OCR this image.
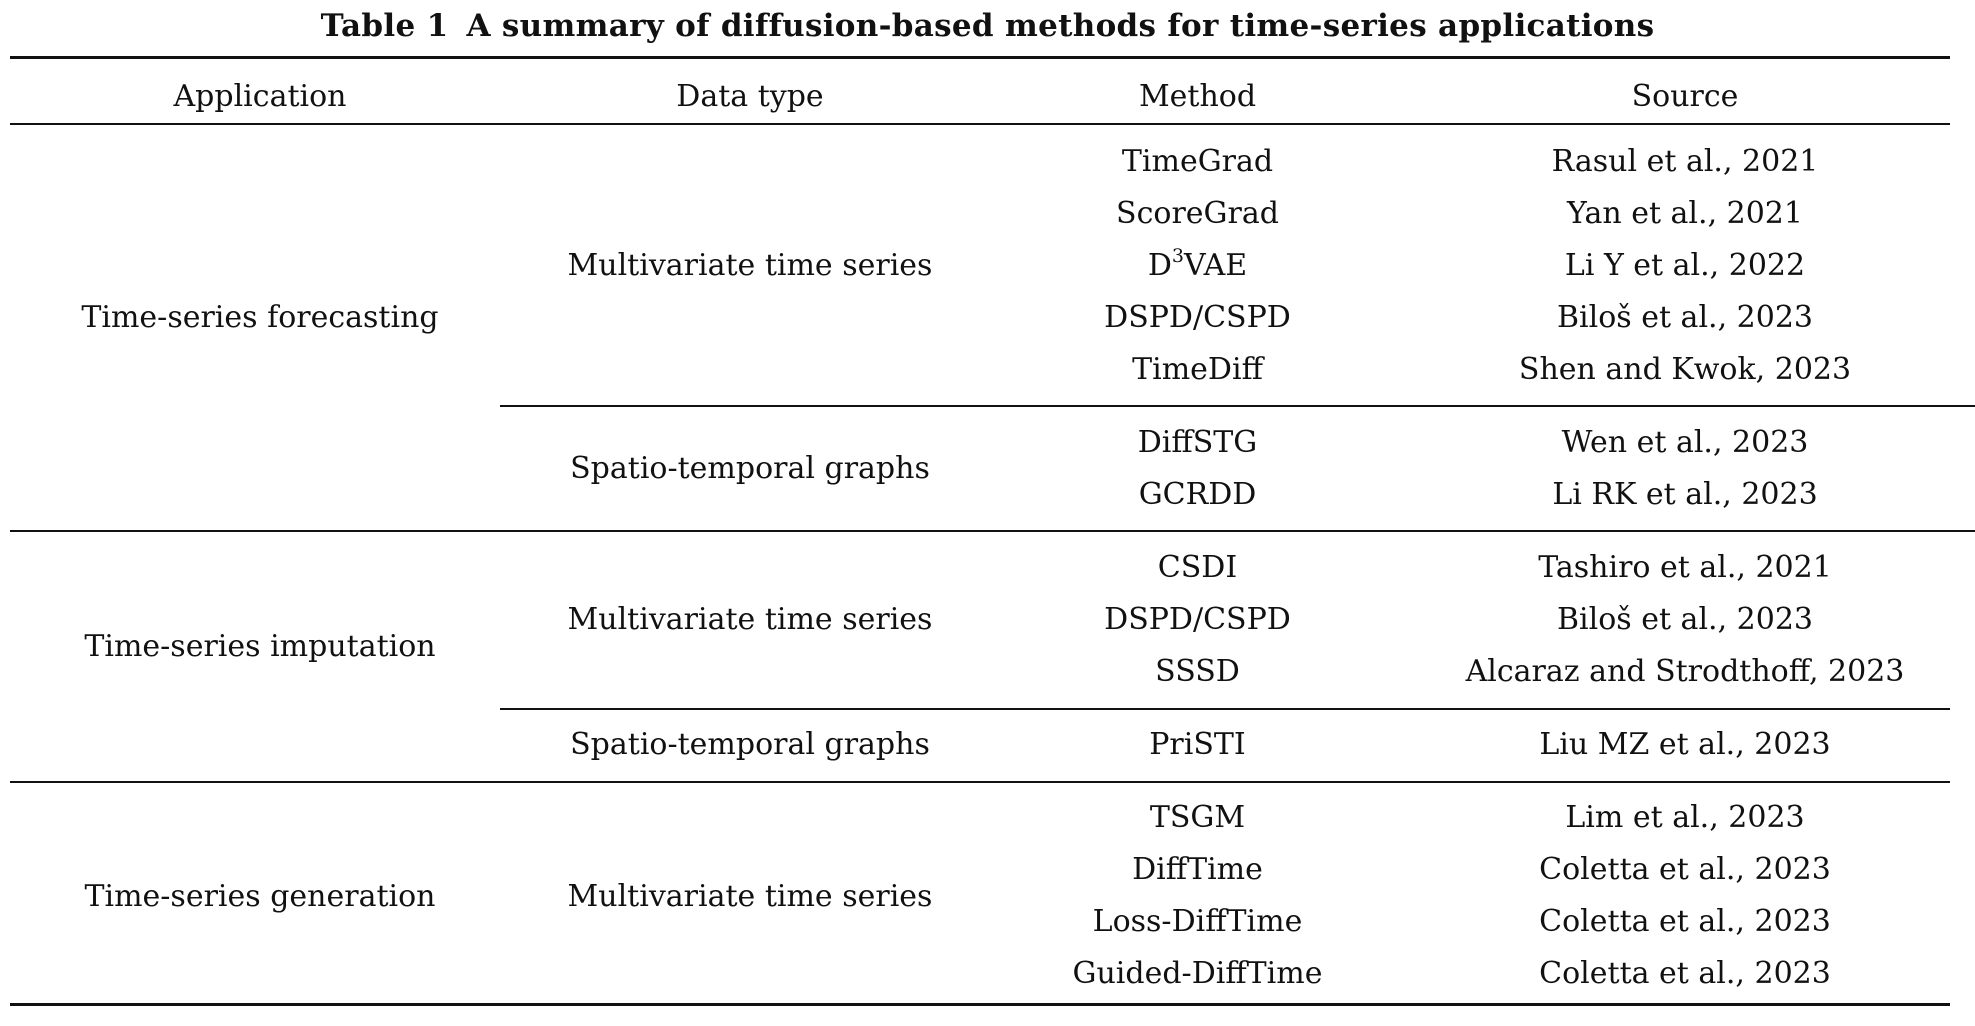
Table 1 A summary of diffusion-based methods for time-series applications
Application	Data type	Method	Source
Time-series forecasting
Multivariate time series
TimeGrad	Rasul et al., 2021
ScoreGrad	Yan et al., 2021
$D^3VAE$	Li Y et al., 2022
DSPD/CSPD	Biloš et al., 2023
TimeDiff	Shen and Kwok, 2023
Spatio-temporal graphs
DiffSTG	Wen et al., 2023
GCRDD	Li RK et al., 2023
Time-series imputation
Multivariate time series
CSDI	Tashiro et al., 2021
DSPD/CSPD	Biloš et al., 2023
SSSD	Alcaraz and Strodthoff, 2023
Spatio-temporal graphs	PriSTI	Liu MZ et al., 2023
Time-series generation	Multivariate time series
TSGM	Lim et al., 2023
DiffTime	Coletta et al., 2023
Loss-DiffTime	Coletta et al., 2023
Guided-DiffTime	Coletta et al., 2023
